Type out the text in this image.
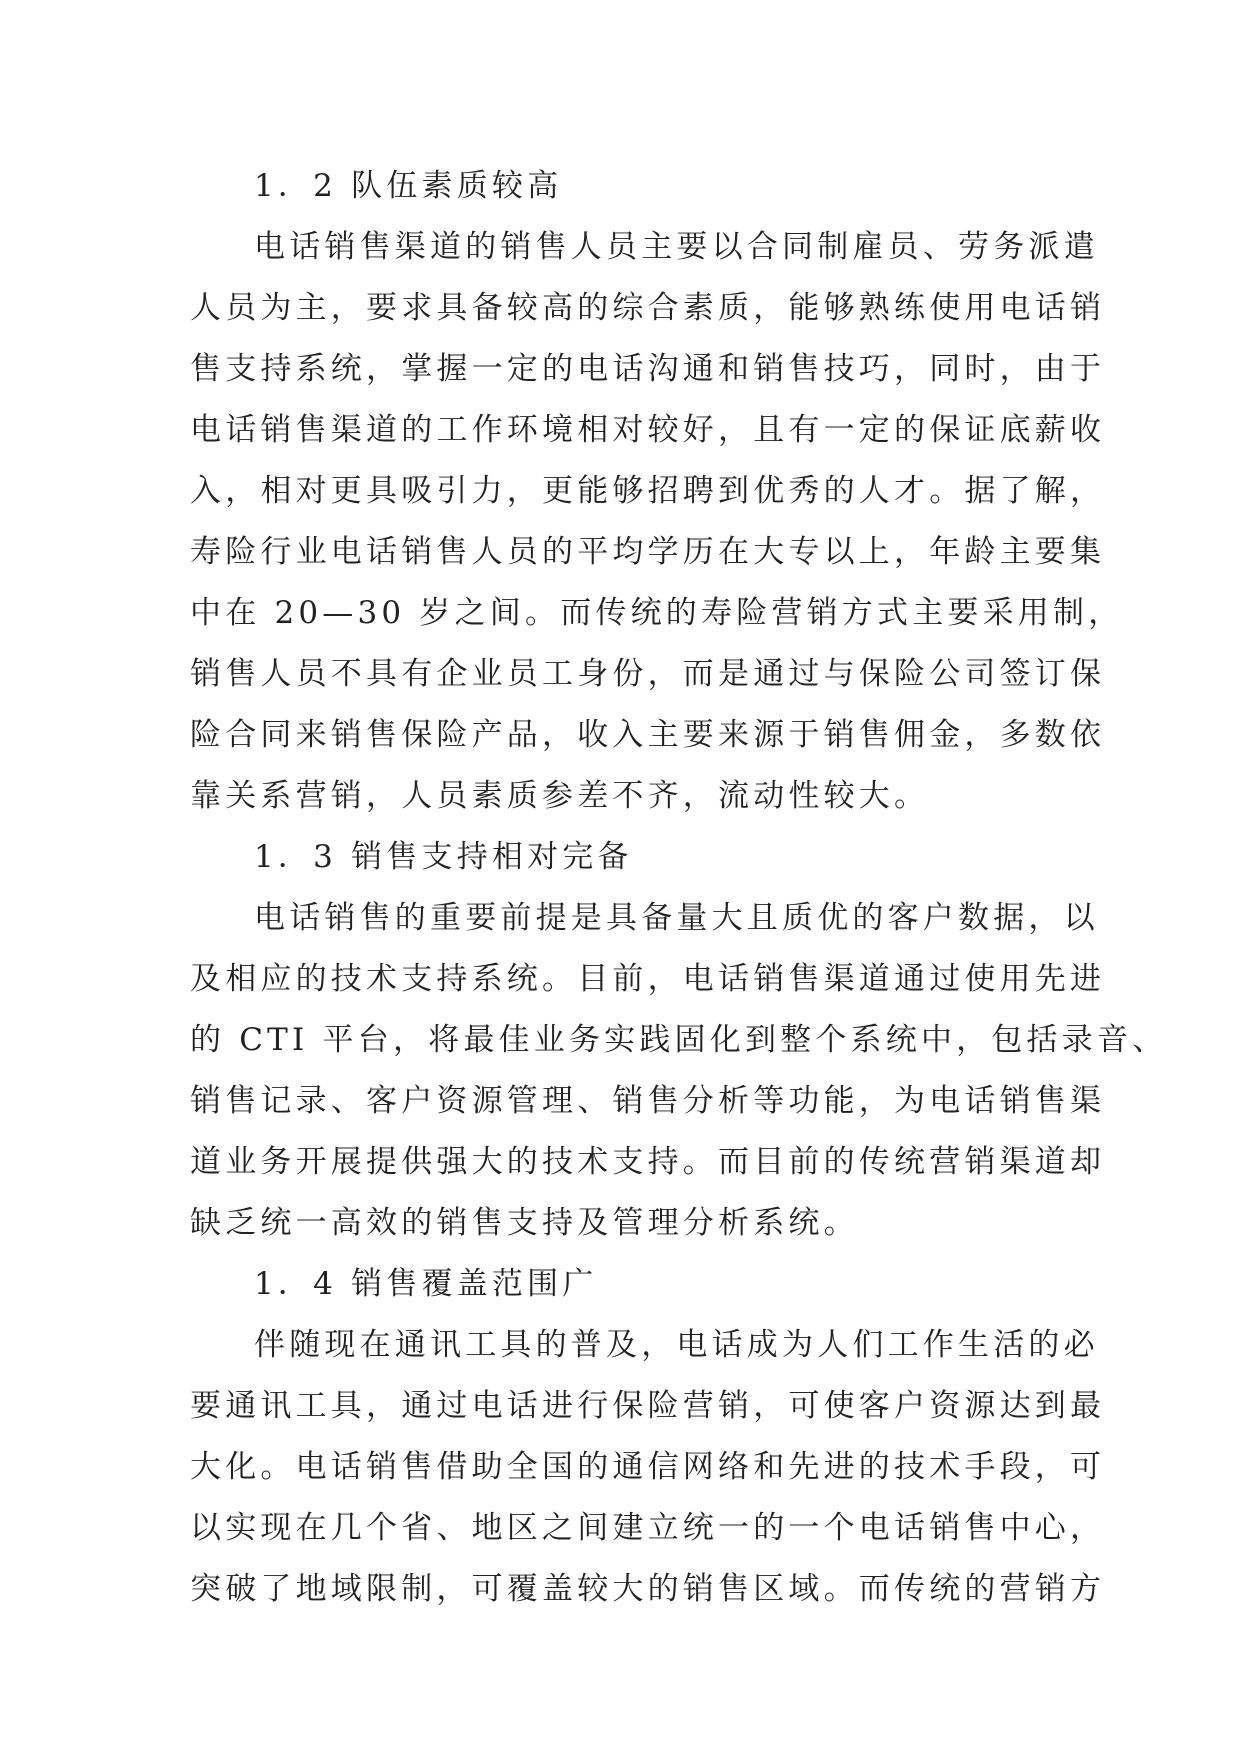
1．2 队伍素质较高
电话销售渠道的销售人员主要以合同制雇员、劳务派遣
人员为主，要求具备较高的综合素质，能够熟练使用电话销
售支持系统，掌握一定的电话沟通和销售技巧，同时，由于
电话销售渠道的工作环境相对较好，且有一定的保证底薪收
入，相对更具吸引力，更能够招聘到优秀的人才。据了解，
寿险行业电话销售人员的平均学历在大专以上，年龄主要集
中在 20—30 岁之间。而传统的寿险营销方式主要采用制，
销售人员不具有企业员工身份，而是通过与保险公司签订保
险合同来销售保险产品，收入主要来源于销售佣金，多数依
靠关系营销，人员素质参差不齐，流动性较大。
1．3 销售支持相对完备
电话销售的重要前提是具备量大且质优的客户数据，以
及相应的技术支持系统。目前，电话销售渠道通过使用先进
的 CTI 平台，将最佳业务实践固化到整个系统中，包括录音、
销售记录、客户资源管理、销售分析等功能，为电话销售渠
道业务开展提供强大的技术支持。而目前的传统营销渠道却
缺乏统一高效的销售支持及管理分析系统。
1．4 销售覆盖范围广
伴随现在通讯工具的普及，电话成为人们工作生活的必
要通讯工具，通过电话进行保险营销，可使客户资源达到最
大化。电话销售借助全国的通信网络和先进的技术手段，可
以实现在几个省、地区之间建立统一的一个电话销售中心，
突破了地域限制，可覆盖较大的销售区域。而传统的营销方
